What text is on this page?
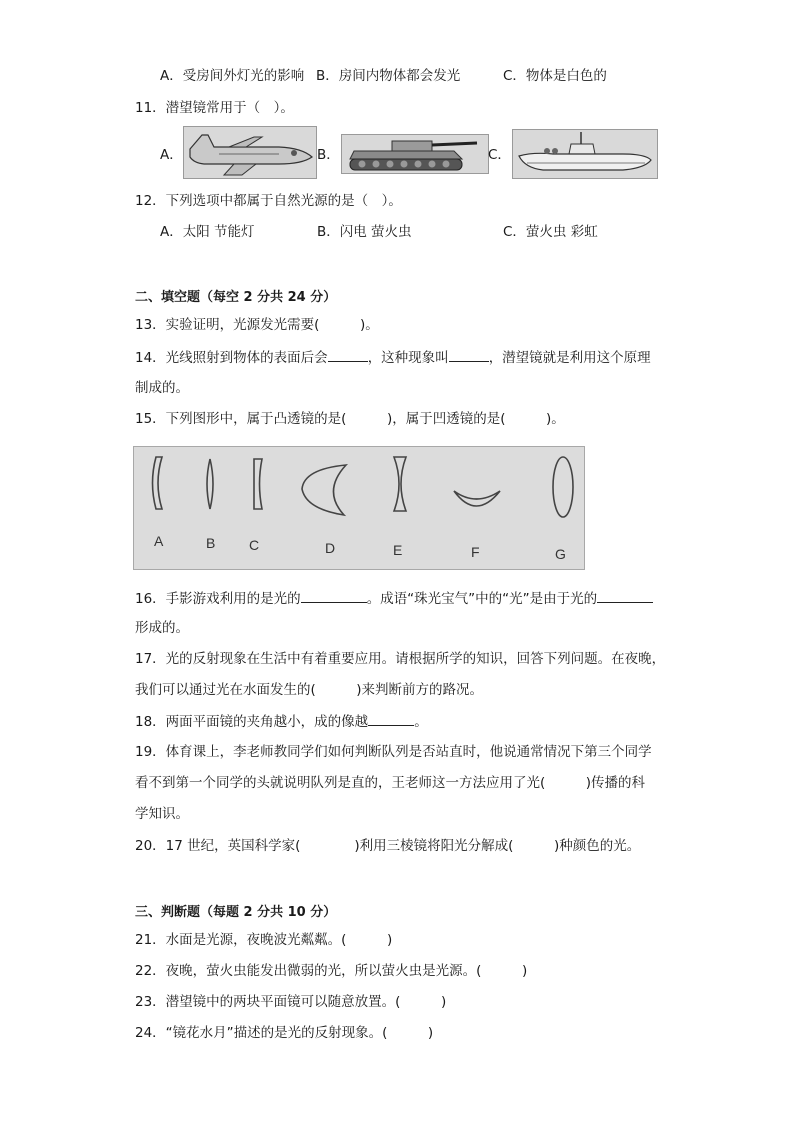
A．受房间外灯光的影响 B．房间内物体都会发光	C．物体是白色的
11．潜望镜常用于（　）。
A．	B．	C．
12．下列选项中都属于自然光源的是（　）。
A．太阳 节能灯	B．闪电 萤火虫	C．萤火虫 彩虹
二、填空题（每空 2 分共 24 分）
13．实验证明，光源发光需要(　　　)。
14．光线照射到物体的表面后会	，这种现象叫	，潜望镜就是利用这个原理
制成的。
15．下列图形中，属于凸透镜的是(　　　)，属于凹透镜的是(　　　)。
A	B C	D	E	F	G
16．手影游戏利用的是光的	。成语“珠光宝气”中的“光”是由于光的
形成的。
17．光的反射现象在生活中有着重要应用。请根据所学的知识，回答下列问题。在夜晚，
我们可以通过光在水面发生的(　　　)来判断前方的路况。
18．两面平面镜的夹角越小，成的像越	。
19．体育课上，李老师教同学们如何判断队列是否站直时，他说通常情况下第三个同学
看不到第一个同学的头就说明队列是直的，王老师这一方法应用了光(　　　)传播的科
学知识。
20．17 世纪，英国科学家(　　　　)利用三棱镜将阳光分解成(　　　)种颜色的光。
三、判断题（每题 2 分共 10 分）
21．水面是光源，夜晚波光粼粼。(　　　)
22．夜晚，萤火虫能发出微弱的光，所以萤火虫是光源。(　　　)
23．潜望镜中的两块平面镜可以随意放置。(　　　)
24．“镜花水月”描述的是光的反射现象。(　　　)
